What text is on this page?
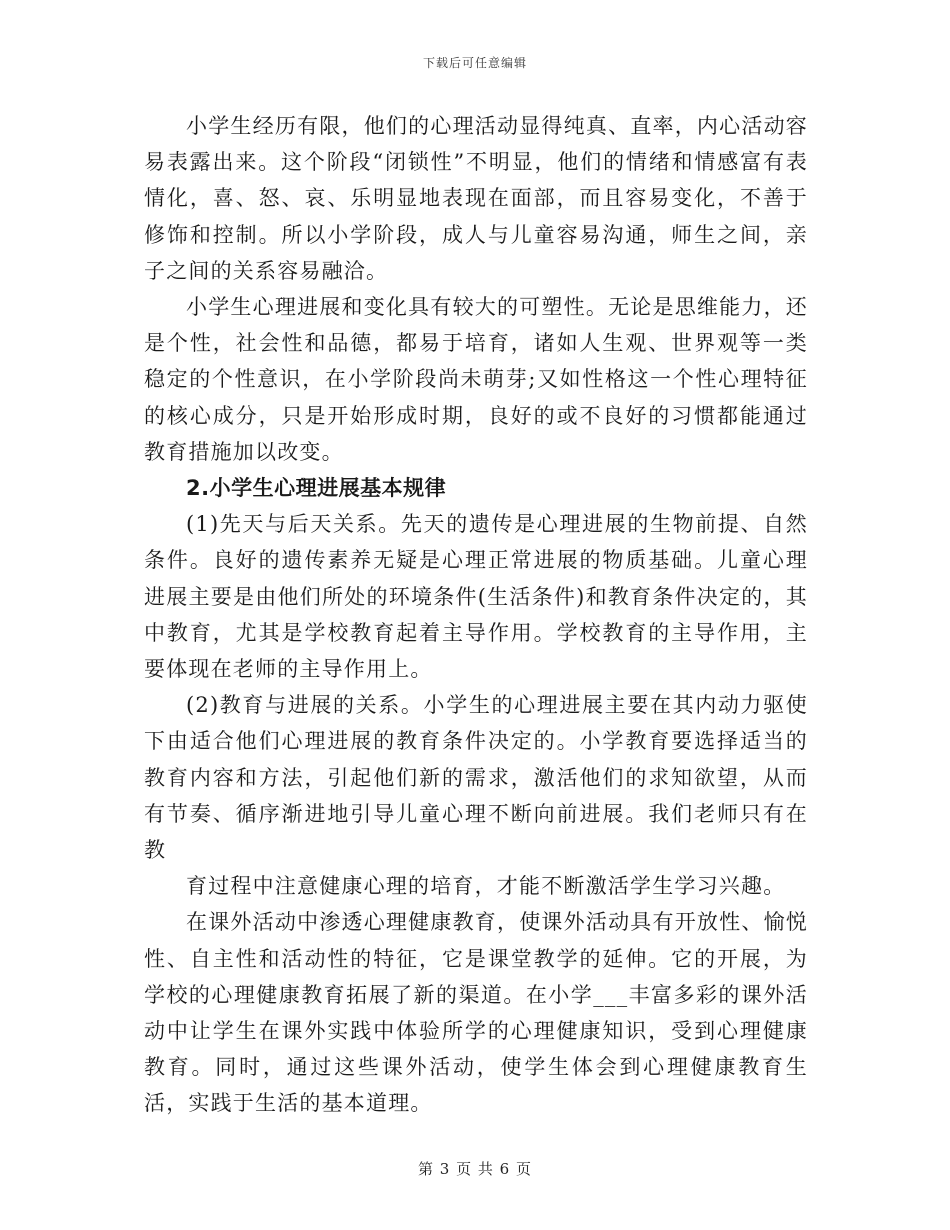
下载后可任意编辑

小学生经历有限，他们的心理活动显得纯真、直率，内心活动容易表露出来。这个阶段“闭锁性”不明显，他们的情绪和情感富有表情化，喜、怒、哀、乐明显地表现在面部，而且容易变化，不善于修饰和控制。所以小学阶段，成人与儿童容易沟通，师生之间，亲子之间的关系容易融洽。

小学生心理进展和变化具有较大的可塑性。无论是思维能力，还是个性，社会性和品德，都易于培育，诸如人生观、世界观等一类稳定的个性意识，在小学阶段尚未萌芽;又如性格这一个性心理特征的核心成分，只是开始形成时期，良好的或不良好的习惯都能通过教育措施加以改变。

2.小学生心理进展基本规律

(1)先天与后天关系。先天的遗传是心理进展的生物前提、自然条件。良好的遗传素养无疑是心理正常进展的物质基础。儿童心理进展主要是由他们所处的环境条件(生活条件)和教育条件决定的，其中教育，尤其是学校教育起着主导作用。学校教育的主导作用，主要体现在老师的主导作用上。

(2)教育与进展的关系。小学生的心理进展主要在其内动力驱使下由适合他们心理进展的教育条件决定的。小学教育要选择适当的教育内容和方法，引起他们新的需求，激活他们的求知欲望，从而有节奏、循序渐进地引导儿童心理不断向前进展。我们老师只有在教

育过程中注意健康心理的培育，才能不断激活学生学习兴趣。

在课外活动中渗透心理健康教育，使课外活动具有开放性、愉悦性、自主性和活动性的特征，它是课堂教学的延伸。它的开展，为学校的心理健康教育拓展了新的渠道。在小学___丰富多彩的课外活动中让学生在课外实践中体验所学的心理健康知识，受到心理健康教育。同时，通过这些课外活动，使学生体会到心理健康教育生活，实践于生活的基本道理。

第 3 页 共 6 页
